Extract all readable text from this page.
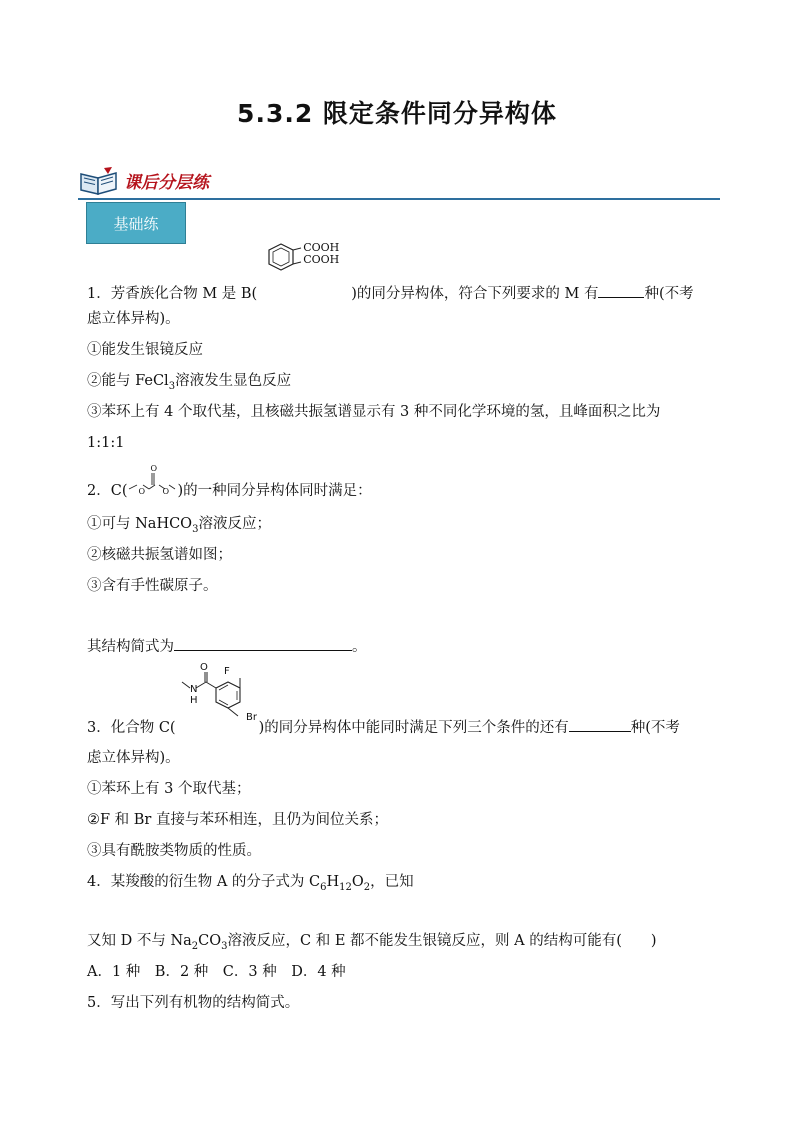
5.3.2 限定条件同分异构体
课后分层练
基础练
1．芳香族化合物 M 是 B(
COOH
COOH
)的同分异构体，符合下列要求的 M 有	种(不考
虑立体异构)。
①能发生银镜反应
②能与 FeCl$_3$溶液发生显色反应
③苯环上有 4 个取代基，且核磁共振氢谱显示有 3 种不同化学环境的氢，且峰面积之比为
1:1:1
2．C(
O
O O )的一种同分异构体同时满足：
①可与 NaHCO$_3$溶液反应；
②核磁共振氢谱如图；
③含有手性碳原子。
其结构简式为	。
O F
N
H
Br
3．化合物 C(	)的同分异构体中能同时满足下列三个条件的还有	种(不考
虑立体异构)。
①苯环上有 3 个取代基；
②F 和 Br 直接与苯环相连，且仍为间位关系；
③具有酰胺类物质的性质。
4．某羧酸的衍生物 A 的分子式为 $C_6H_{12}O_2$，已知
又知 D 不与 $Na_2CO_3$溶液反应，C 和 E 都不能发生银镜反应，则 A 的结构可能有(　　)
A．1 种　B．2 种　C．3 种　D．4 种
5．写出下列有机物的结构简式。
